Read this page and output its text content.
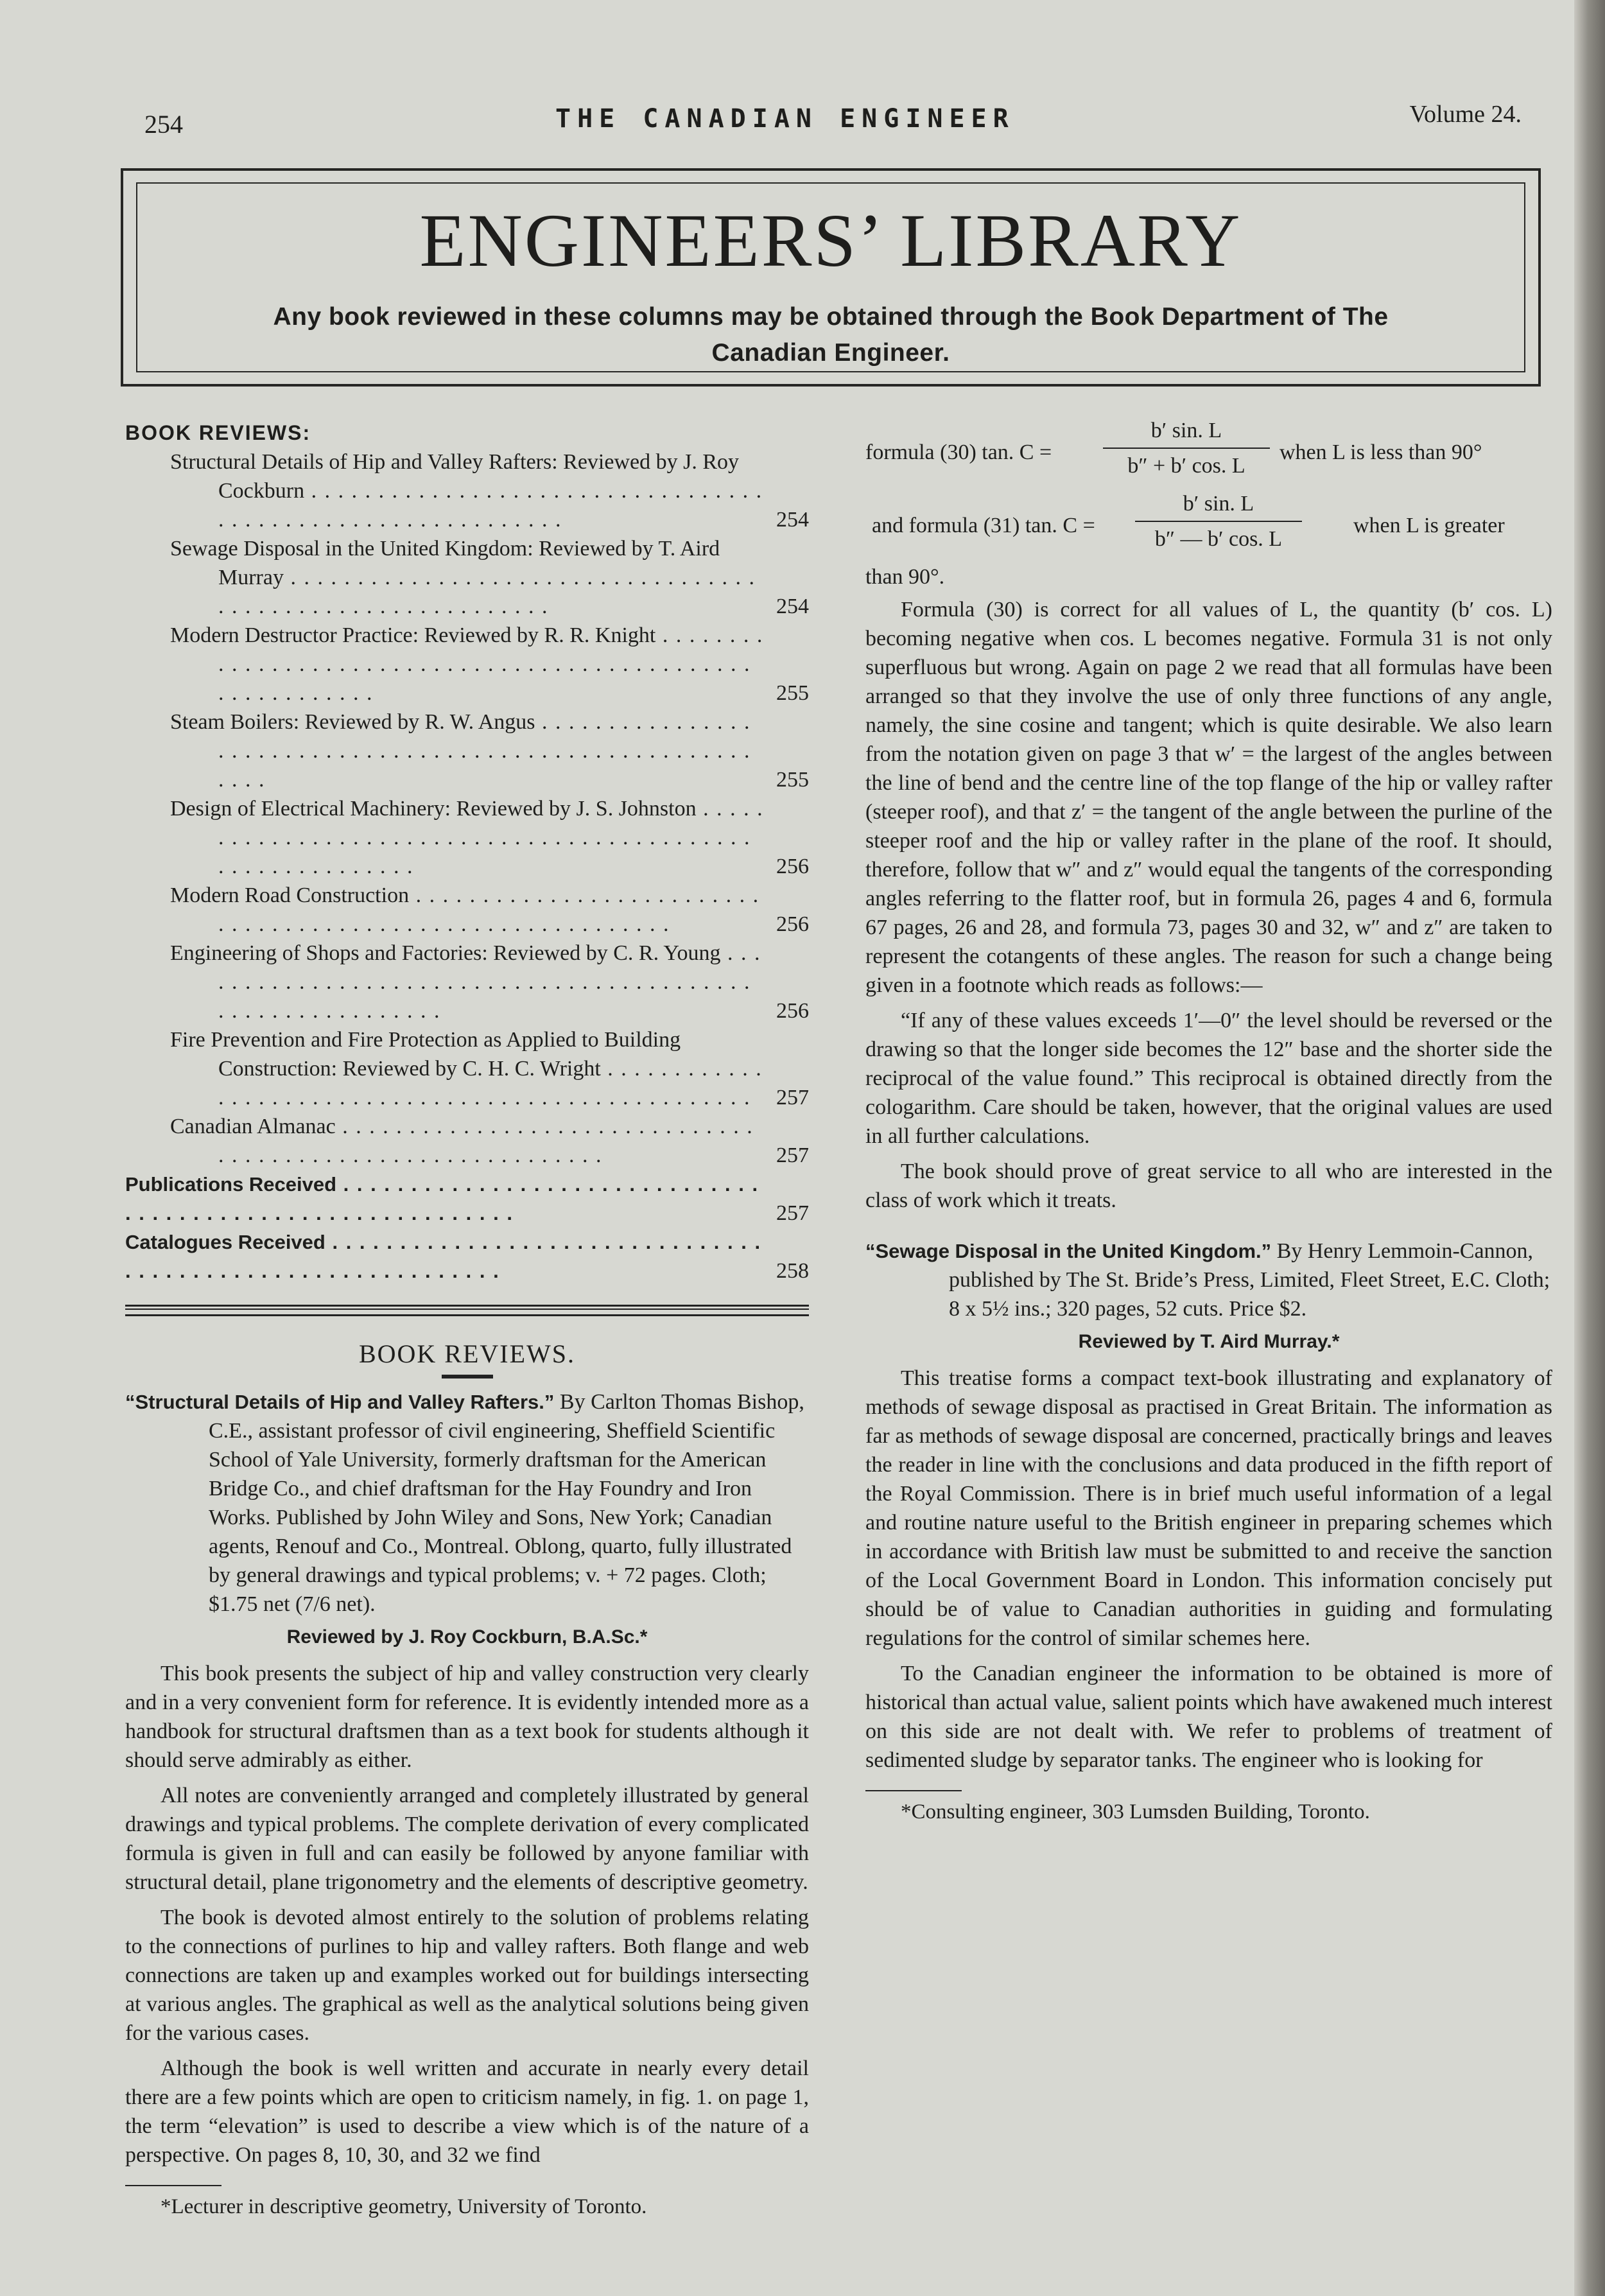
254	THE CANADIAN ENGINEER	Volume 24.
ENGINEERS’ LIBRARY
Any book reviewed in these columns may be obtained through the Book Department of The Canadian Engineer.
BOOK REVIEWS:
Structural Details of Hip and Valley Rafters: Reviewed by J. Roy Cockburn . . . . . . . . . . . . . . . . . . . . . . . . . . . . . . . . . . . . . . . . . . . . . . . . . . . . . . . . . . . .	254
Sewage Disposal in the United Kingdom: Reviewed by T. Aird Murray . . . . . . . . . . . . . . . . . . . . . . . . . . . . . . . . . . . . . . . . . . . . . . . . . . . . . . . . . . . .	254
Modern Destructor Practice: Reviewed by R. R. Knight . . . . . . . . . . . . . . . . . . . . . . . . . . . . . . . . . . . . . . . . . . . . . . . . . . . . . . . . . . . .	255
Steam Boilers: Reviewed by R. W. Angus . . . . . . . . . . . . . . . . . . . . . . . . . . . . . . . . . . . . . . . . . . . . . . . . . . . . . . . . . . . .	255
Design of Electrical Machinery: Reviewed by J. S. Johnston . . . . . . . . . . . . . . . . . . . . . . . . . . . . . . . . . . . . . . . . . . . . . . . . . . . . . . . . . . . .	256
Modern Road Construction . . . . . . . . . . . . . . . . . . . . . . . . . . . . . . . . . . . . . . . . . . . . . . . . . . . . . . . . . . . .	256
Engineering of Shops and Factories: Reviewed by C. R. Young . . . . . . . . . . . . . . . . . . . . . . . . . . . . . . . . . . . . . . . . . . . . . . . . . . . . . . . . . . . .	256
Fire Prevention and Fire Protection as Applied to Building Construction: Reviewed by C. H. C. Wright . . . . . . . . . . . . . . . . . . . . . . . . . . . . . . . . . . . . . . . . . . . . . . . . . . . .	257
Canadian Almanac . . . . . . . . . . . . . . . . . . . . . . . . . . . . . . . . . . . . . . . . . . . . . . . . . . . . . . . . . . . .	257
Publications Received . . . . . . . . . . . . . . . . . . . . . . . . . . . . . . . . . . . . . . . . . . . . . . . . . . . . . . . . . . . .	257
Catalogues Received . . . . . . . . . . . . . . . . . . . . . . . . . . . . . . . . . . . . . . . . . . . . . . . . . . . . . . . . . . . .	258
BOOK REVIEWS.

“Structural Details of Hip and Valley Rafters.” By Carlton Thomas Bishop, C.E., assistant professor of civil engineering, Sheffield Scientific School of Yale University, formerly draftsman for the American Bridge Co., and chief draftsman for the Hay Foundry and Iron Works. Published by John Wiley and Sons, New York; Canadian agents, Renouf and Co., Montreal. Oblong, quarto, fully illustrated by general drawings and typical problems; v. + 72 pages. Cloth; $1.75 net (7/6 net).

Reviewed by J. Roy Cockburn, B.A.Sc.*

This book presents the subject of hip and valley construction very clearly and in a very convenient form for reference. It is evidently intended more as a handbook for structural draftsmen than as a text book for students although it should serve admirably as either.

All notes are conveniently arranged and completely illustrated by general drawings and typical problems. The complete derivation of every complicated formula is given in full and can easily be followed by anyone familiar with structural detail, plane trigonometry and the elements of descriptive geometry.

The book is devoted almost entirely to the solution of problems relating to the connections of purlines to hip and valley rafters. Both flange and web connections are taken up and examples worked out for buildings intersecting at various angles. The graphical as well as the analytical solutions being given for the various cases.

Although the book is well written and accurate in nearly every detail there are a few points which are open to criticism namely, in fig. 1. on page 1, the term “elevation” is used to describe a view which is of the nature of a perspective. On pages 8, 10, 30, and 32 we find

*Lecturer in descriptive geometry, University of Toronto.

formula (30) tan. C =
b′ sin. L
b″ + b′ cos. L
when L is less than 90°
and formula (31) tan. C =
b′ sin. L
b″ — b′ cos. L
when L is greater
than 90°.

Formula (30) is correct for all values of L, the quantity (b′ cos. L) becoming negative when cos. L becomes negative. Formula 31 is not only superfluous but wrong. Again on page 2 we read that all formulas have been arranged so that they involve the use of only three functions of any angle, namely, the sine cosine and tangent; which is quite desirable. We also learn from the notation given on page 3 that w′ = the largest of the angles between the line of bend and the centre line of the top flange of the hip or valley rafter (steeper roof), and that z′ = the tangent of the angle between the purline of the steeper roof and the hip or valley rafter in the plane of the roof. It should, therefore, follow that w″ and z″ would equal the tangents of the corresponding angles referring to the flatter roof, but in formula 26, pages 4 and 6, formula 67 pages, 26 and 28, and formula 73, pages 30 and 32, w″ and z″ are taken to represent the cotangents of these angles. The reason for such a change being given in a footnote which reads as follows:—

“If any of these values exceeds 1′—0″ the level should be reversed or the drawing so that the longer side becomes the 12″ base and the shorter side the reciprocal of the value found.” This reciprocal is obtained directly from the cologarithm. Care should be taken, however, that the original values are used in all further calculations.

The book should prove of great service to all who are interested in the class of work which it treats.

“Sewage Disposal in the United Kingdom.” By Henry Lemmoin-Cannon, published by The St. Bride’s Press, Limited, Fleet Street, E.C. Cloth; 8 x 5½ ins.; 320 pages, 52 cuts. Price $2.

Reviewed by T. Aird Murray.*

This treatise forms a compact text-book illustrating and explanatory of methods of sewage disposal as practised in Great Britain. The information as far as methods of sewage disposal are concerned, practically brings and leaves the reader in line with the conclusions and data produced in the fifth report of the Royal Commission. There is in brief much useful information of a legal and routine nature useful to the British engineer in preparing schemes which in accordance with British law must be submitted to and receive the sanction of the Local Government Board in London. This information concisely put should be of value to Canadian authorities in guiding and formulating regulations for the control of similar schemes here.

To the Canadian engineer the information to be obtained is more of historical than actual value, salient points which have awakened much interest on this side are not dealt with. We refer to problems of treatment of sedimented sludge by separator tanks. The engineer who is looking for

*Consulting engineer, 303 Lumsden Building, Toronto.
